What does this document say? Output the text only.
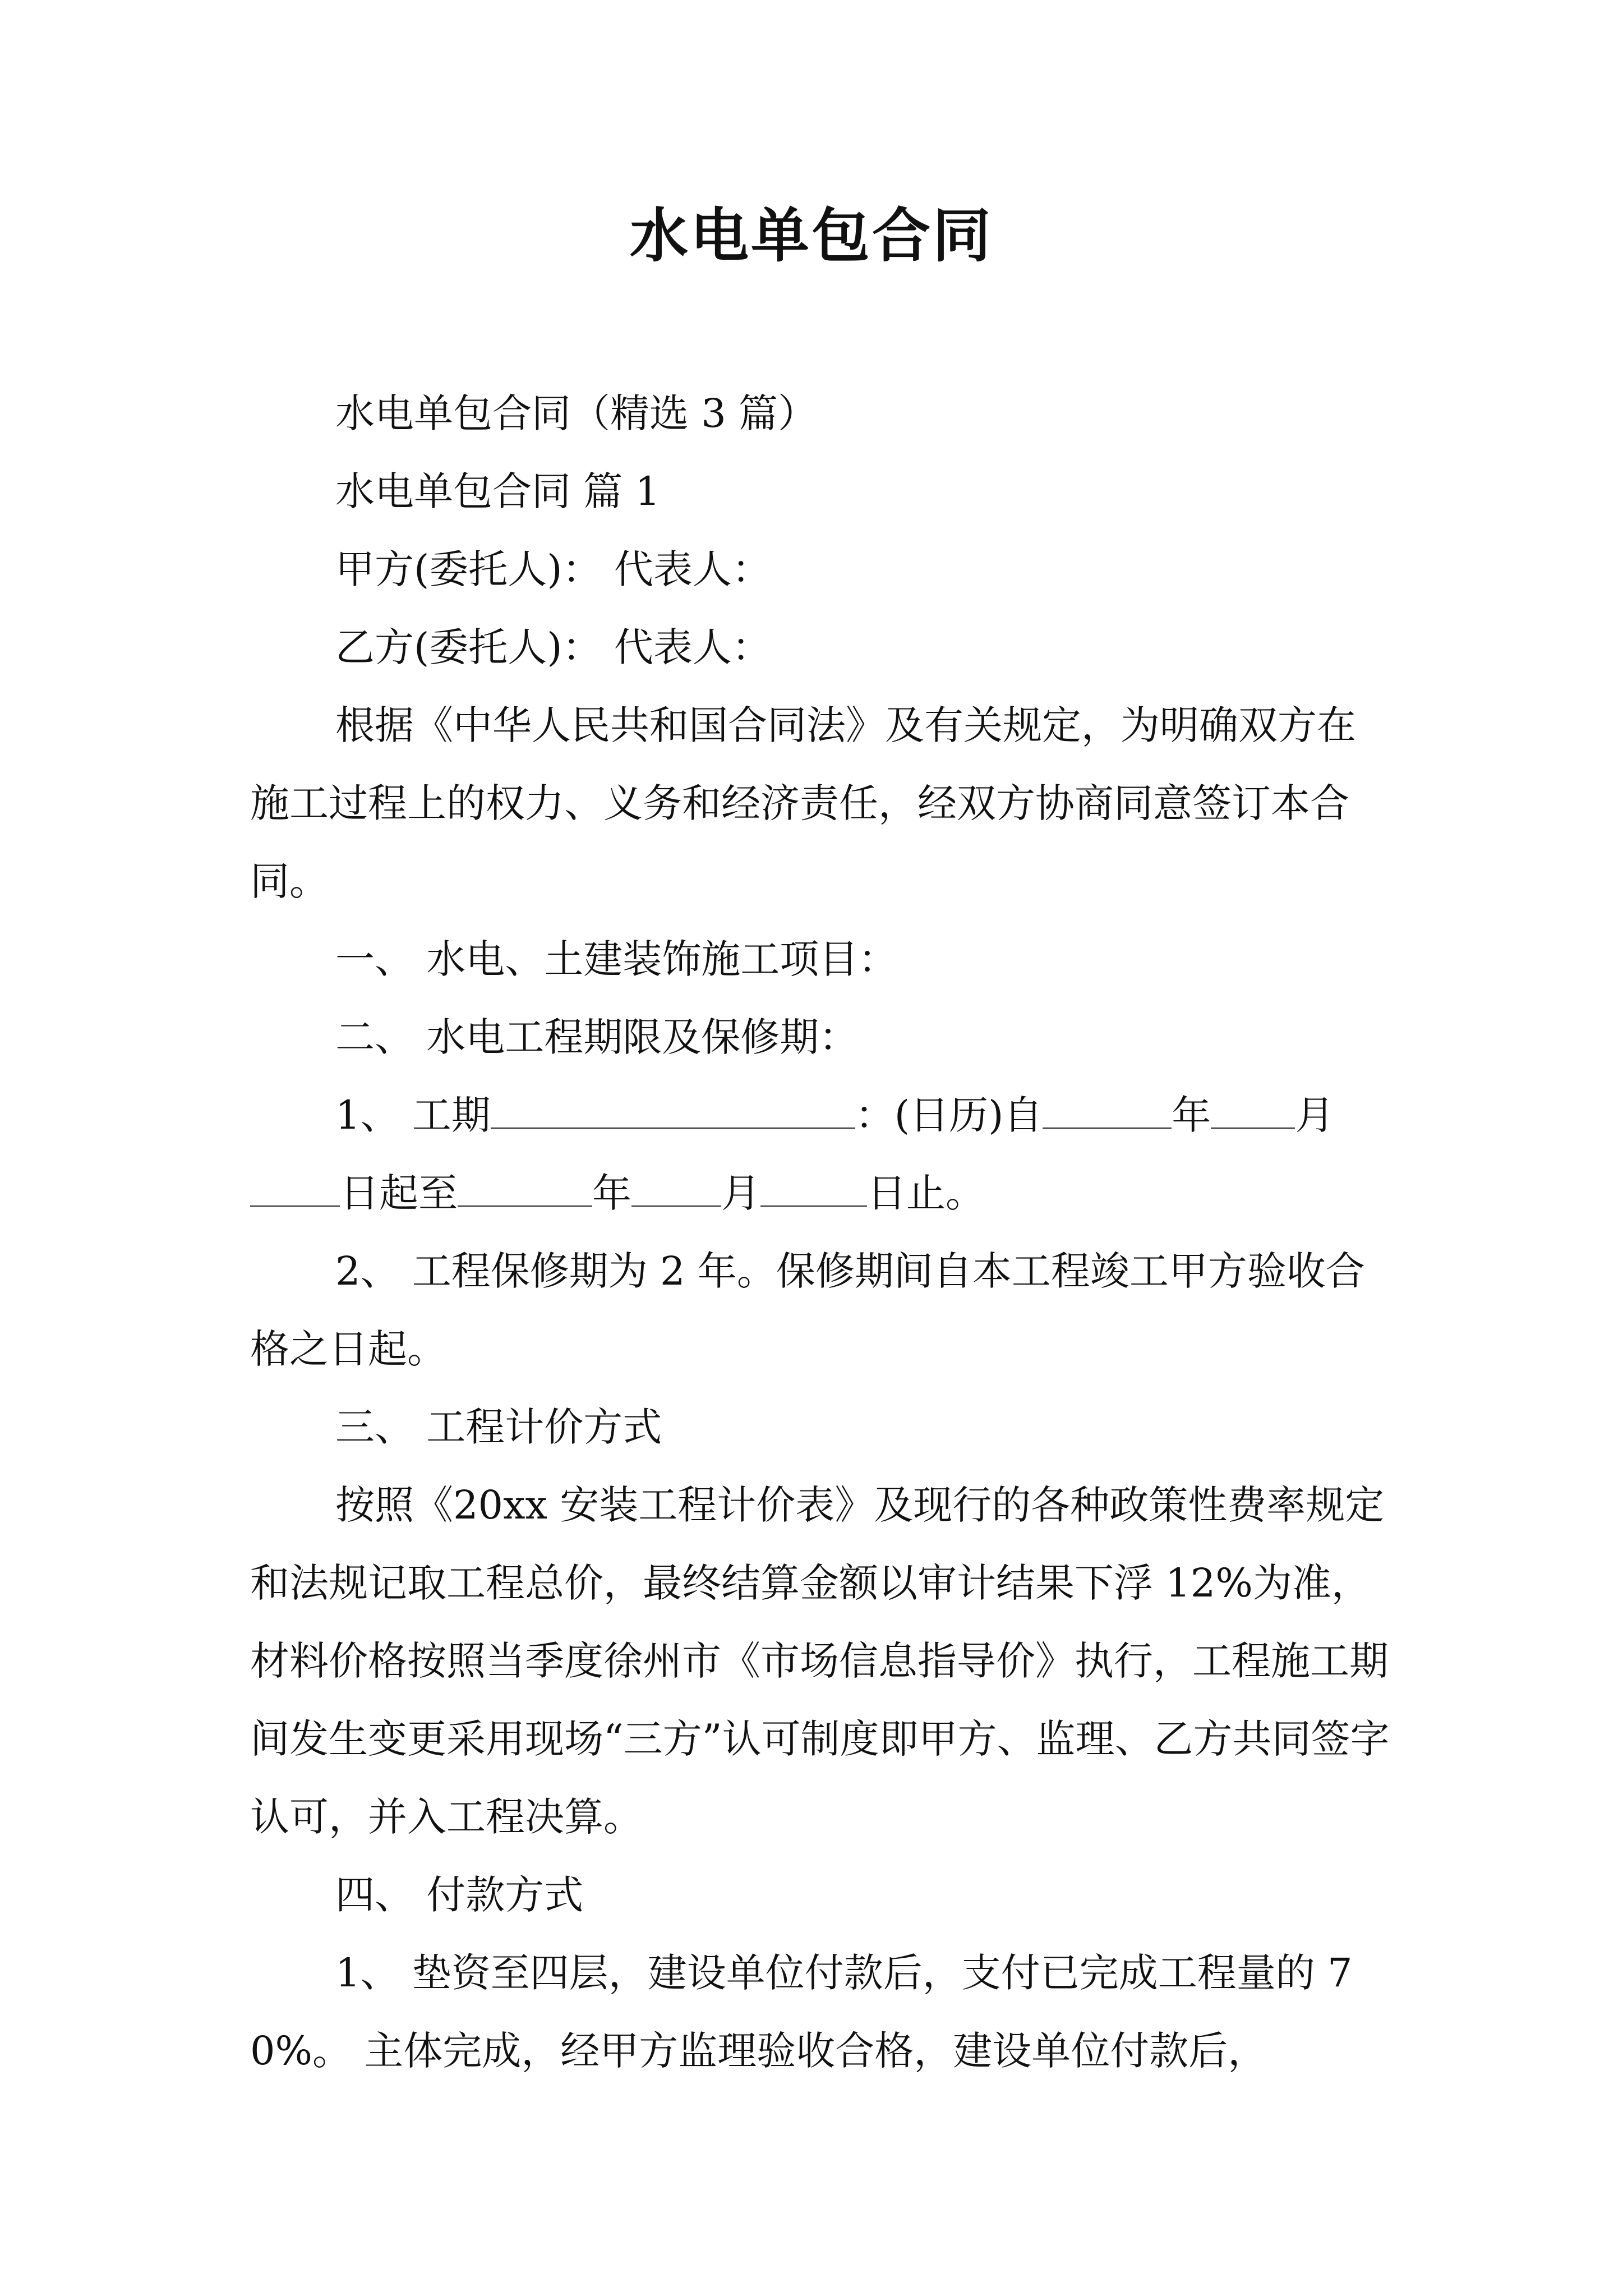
水电单包合同

水电单包合同（精选 3 篇）

水电单包合同 篇 1

甲方(委托人)： 代表人：

乙方(委托人)： 代表人：

根据《中华人民共和国合同法》及有关规定，为明确双方在施工过程上的权力、义务和经济责任，经双方协商同意签订本合同。

一、 水电、土建装饰施工项目：

二、 水电工程期限及保修期：

1、 工期	：(日历)自	年 月日起至	年 月	日止。

2、 工程保修期为 2 年。保修期间自本工程竣工甲方验收合格之日起。

三、 工程计价方式

按照《20xx 安装工程计价表》及现行的各种政策性费率规定和法规记取工程总价，最终结算金额以审计结果下浮 12%为准，材料价格按照当季度徐州市《市场信息指导价》执行，工程施工期间发生变更采用现场“三方”认可制度即甲方、监理、乙方共同签字认可，并入工程决算。

四、 付款方式

1、 垫资至四层，建设单位付款后，支付已完成工程量的 70%。 主体完成，经甲方监理验收合格，建设单位付款后，
